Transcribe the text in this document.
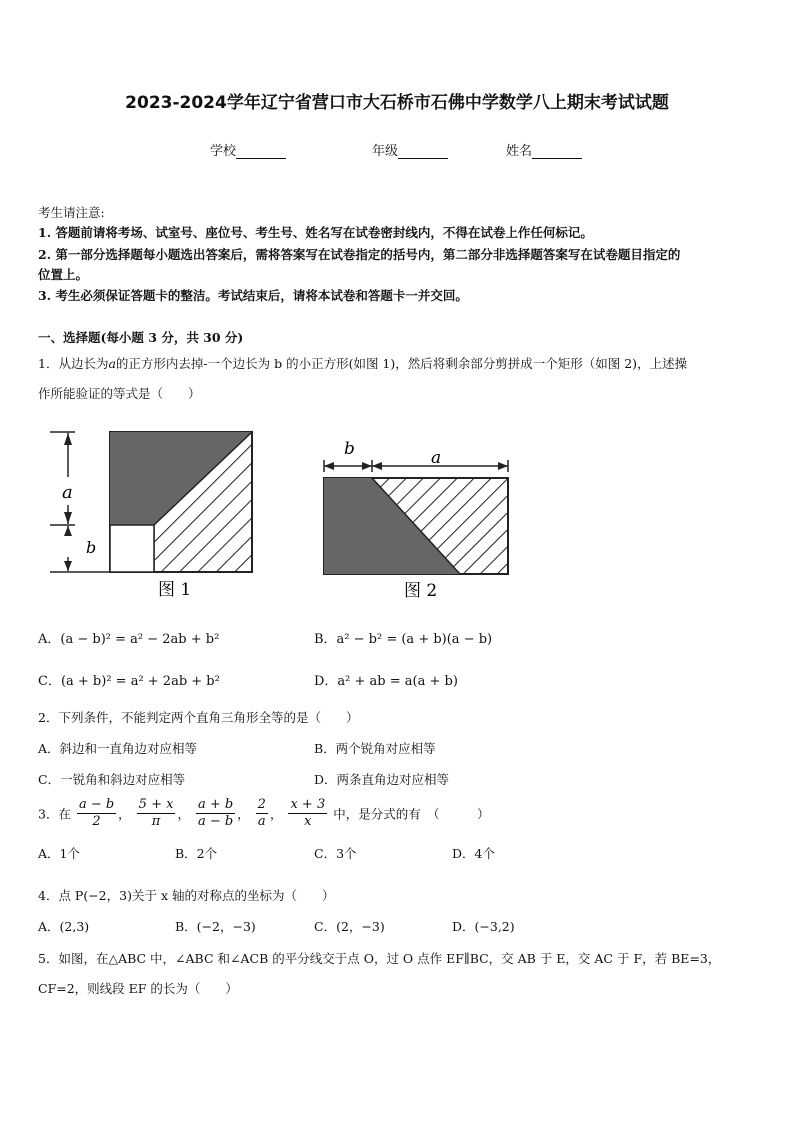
2023-2024学年辽宁省营口市大石桥市石佛中学数学八上期末考试试题
学校	年级	姓名
考生请注意:
1. 答题前请将考场、试室号、座位号、考生号、姓名写在试卷密封线内，不得在试卷上作任何标记。
2. 第一部分选择题每小题选出答案后，需将答案写在试卷指定的括号内，第二部分非选择题答案写在试卷题目指定的
位置上。
3. 考生必须保证答题卡的整洁。考试结束后，请将本试卷和答题卡一并交回。
一、选择题(每小题 3 分，共 30 分)
1．从边长为a的正方形内去掉-一个边长为 b 的小正方形(如图 1)，然后将剩余部分剪拼成一个矩形（如图 2)，上述操
作所能验证的等式是（　　）
a
b
图 1
b	a
图 2
A．(a − b)² = a² − 2ab + b²	B．a² − b² = (a + b)(a − b)
C．(a + b)² = a² + 2ab + b²	D．a² + ab = a(a + b)
2．下列条件，不能判定两个直角三角形全等的是（　　）
A．斜边和一直角边对应相等	B．两个锐角对应相等
C．一锐角和斜边对应相等	D．两条直角边对应相等
3．在 $\frac{a - b}{2}$ ， $\frac{5 + x}{\pi}$ ， $\frac{a + b}{a - b}$ ， $\frac{2}{a}$ ， $\frac{x + 3}{x}$ 中，是分式的有　（　　　）
A．1个	B．2个	C．3个	D．4个
4．点 P(−2，3)关于 x 轴的对称点的坐标为（　　）
A．(2,3)	B．(−2，−3)	C．(2，−3)	D．(−3,2)
5．如图，在△ABC 中，∠ABC 和∠ACB 的平分线交于点 O，过 O 点作 EF∥BC，交 AB 于 E，交 AC 于 F，若 BE=3，
CF=2，则线段 EF 的长为（　　）
